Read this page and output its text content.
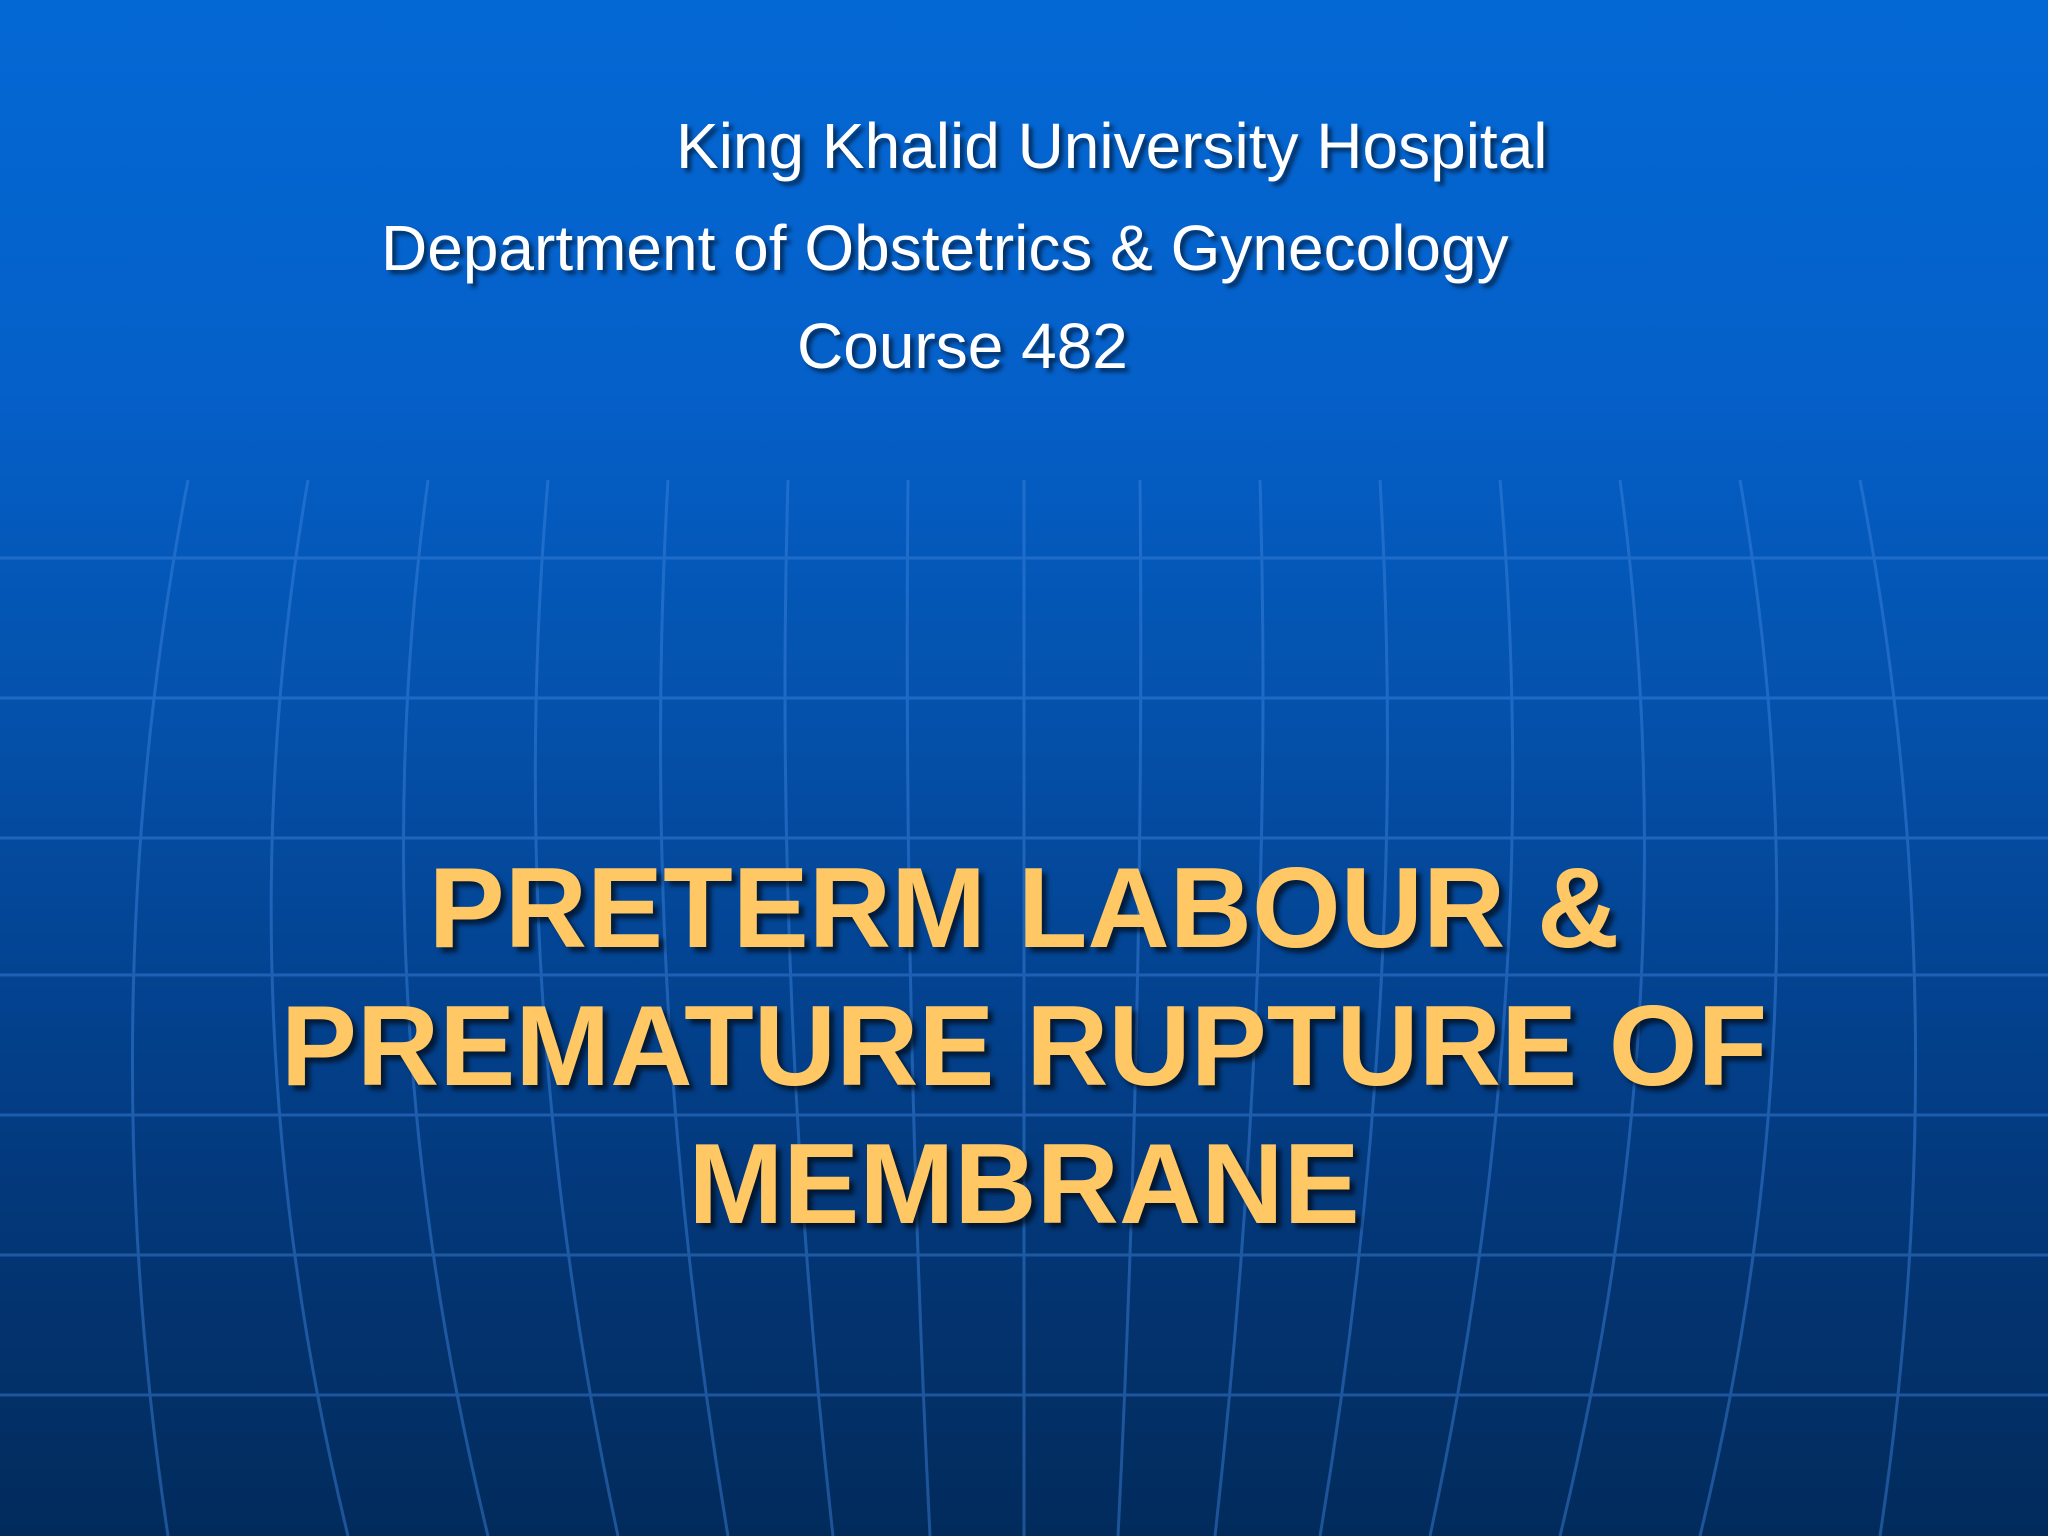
King Khalid University Hospital
Department of Obstetrics & Gynecology
Course 482
PRETERM LABOUR &
PREMATURE RUPTURE OF
MEMBRANE
